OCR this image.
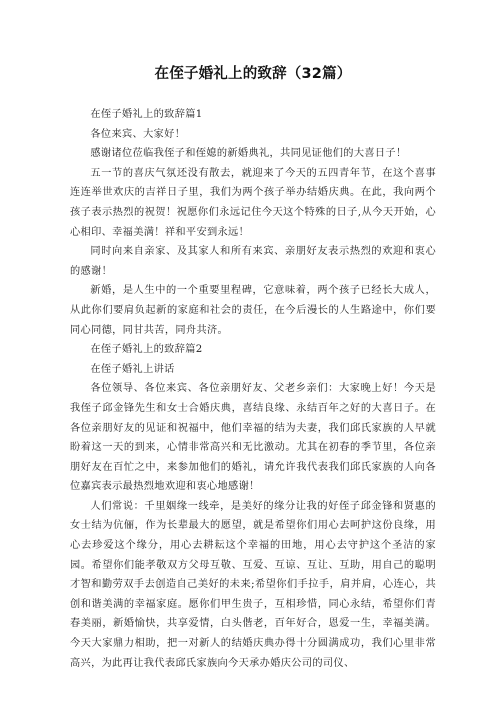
在侄子婚礼上的致辞（32篇）

在侄子婚礼上的致辞篇1

各位来宾、大家好！

感谢诸位莅临我侄子和侄媳的新婚典礼，共同见证他们的大喜日子！

五一节的喜庆气氛还没有散去，就迎来了今天的五四青年节，在这个喜事连连举世欢庆的吉祥日子里，我们为两个孩子举办结婚庆典。在此，我向两个孩子表示热烈的祝贺！祝愿你们永远记住今天这个特殊的日子,从今天开始，心心相印、幸福美满！祥和平安到永远！

同时向来自亲家、及其家人和所有来宾、亲朋好友表示热烈的欢迎和衷心的感谢！

新婚，是人生中的一个重要里程碑，它意味着，两个孩子已经长大成人，从此你们要肩负起新的家庭和社会的责任，在今后漫长的人生路途中，你们要同心同德，同甘共苦，同舟共济。

在侄子婚礼上的致辞篇2

在侄子婚礼上讲话

各位领导、各位来宾、各位亲朋好友、父老乡亲们：大家晚上好！今天是我侄子邱金锋先生和女士合婚庆典，喜结良缘、永结百年之好的大喜日子。在各位亲朋好友的见证和祝福中，他们幸福的结为夫妻，我们邱氏家族的人早就盼着这一天的到来，心情非常高兴和无比激动。尤其在初春的季节里，各位亲朋好友在百忙之中，来参加他们的婚礼，请允许我代表我们邱氏家族的人向各位嘉宾表示最热烈地欢迎和衷心地感谢！

人们常说：千里姻缘一线牵，是美好的缘分让我的好侄子邱金锋和贤惠的女士结为伉俪，作为长辈最大的愿望，就是希望你们用心去呵护这份良缘，用心去珍爱这个缘分，用心去耕耘这个幸福的田地，用心去守护这个圣洁的家园。希望你们能孝敬双方父母互敬、互爱、互谅、互让、互助，用自己的聪明才智和勤劳双手去创造自己美好的未来;希望你们手拉手，肩并肩，心连心，共创和谐美满的幸福家庭。愿你们甲生贵子，互相珍惜，同心永结，希望你们青春美丽，新婚愉快，共享爱情，白头偕老，百年好合，恩爱一生，幸福美满。今天大家鼎力相助，把一对新人的结婚庆典办得十分圆满成功，我们心里非常高兴，为此再让我代表邱氏家族向今天承办婚庆公司的司仪、
